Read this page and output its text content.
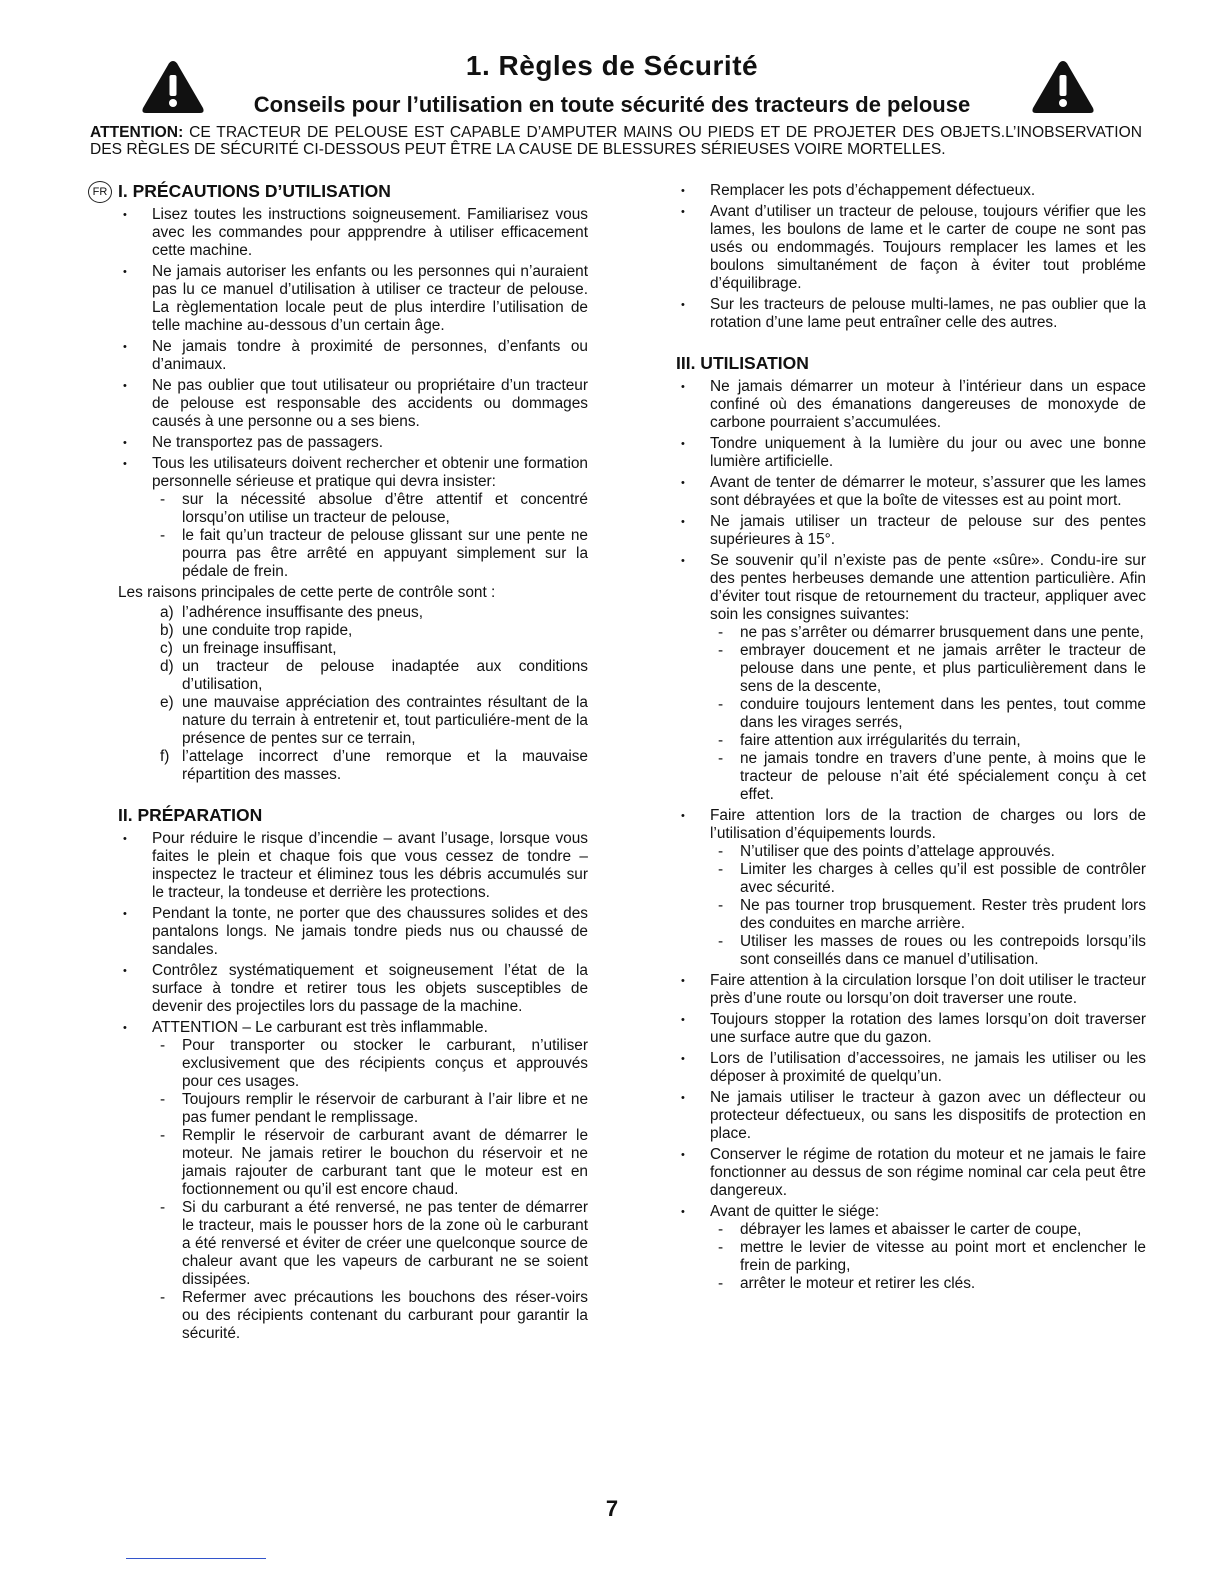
1. Règles de Sécurité
Conseils pour l’utilisation en toute sécurité des tracteurs de pelouse

ATTENTION: CE TRACTEUR DE PELOUSE EST CAPABLE D’AMPUTER MAINS OU PIEDS ET DE PROJETER DES OBJETS.L’INOBSERVATION DES RÈGLES DE SÉCURITÉ CI-DESSOUS PEUT ÊTRE LA CAUSE DE BLESSURES SÉRIEUSES VOIRE MORTELLES.

FR I. PRÉCAUTIONS D’UTILISATION
• Lisez toutes les instructions soigneusement. Familiarisez vous avec les commandes pour appprendre à utiliser efficacement cette machine.
• Ne jamais autoriser les enfants ou les personnes qui n’auraient pas lu ce manuel d’utilisation à utiliser ce tracteur de pelouse. La règlementation locale peut de plus interdire l’utilisation de telle machine au-dessous d’un certain âge.
• Ne jamais tondre à proximité de personnes, d’enfants ou d’animaux.
• Ne pas oublier que tout utilisateur ou propriétaire d’un tracteur de pelouse est responsable des accidents ou dommages causés à une personne ou a ses biens.
• Ne transportez pas de passagers.
• Tous les utilisateurs doivent rechercher et obtenir une formation personnelle sérieuse et pratique qui devra insister:
- sur la nécessité absolue d’être attentif et concentré lorsqu’on utilise un tracteur de pelouse,
- le fait qu’un tracteur de pelouse glissant sur une pente ne pourra pas être arrêté en appuyant simplement sur la pédale de frein.

Les raisons principales de cette perte de contrôle sont :

a) l’adhérence insuffisante des pneus,
b) une conduite trop rapide,
c) un freinage insuffisant,
d) un tracteur de pelouse inadaptée aux conditions d’utilisation,
e) une mauvaise appréciation des contraintes résultant de la nature du terrain à entretenir et, tout particuliére-ment de la présence de pentes sur ce terrain,
f) l’attelage incorrect d’une remorque et la mauvaise répartition des masses.
II. PRÉPARATION
• Pour réduire le risque d’incendie – avant l’usage, lorsque vous faites le plein et chaque fois que vous cessez de tondre – inspectez le tracteur et éliminez tous les débris accumulés sur le tracteur, la tondeuse et derrière les protections.
• Pendant la tonte, ne porter que des chaussures solides et des pantalons longs. Ne jamais tondre pieds nus ou chaussé de sandales.
• Contrôlez systématiquement et soigneusement l’état de la surface à tondre et retirer tous les objets susceptibles de devenir des projectiles lors du passage de la machine.
• ATTENTION – Le carburant est très inflammable.
- Pour transporter ou stocker le carburant, n’utiliser exclusivement que des récipients conçus et approuvés pour ces usages.
- Toujours remplir le réservoir de carburant à l’air libre et ne pas fumer pendant le remplissage.
- Remplir le réservoir de carburant avant de démarrer le moteur. Ne jamais retirer le bouchon du réservoir et ne jamais rajouter de carburant tant que le moteur est en foctionnement ou qu’il est encore chaud.
- Si du carburant a été renversé, ne pas tenter de démarrer le tracteur, mais le pousser hors de la zone où le carburant a été renversé et éviter de créer une quelconque source de chaleur avant que les vapeurs de carburant ne se soient dissipées.
- Refermer avec précautions les bouchons des réser-voirs ou des récipients contenant du carburant pour garantir la sécurité.
• Remplacer les pots d’échappement défectueux.
• Avant d’utiliser un tracteur de pelouse, toujours vérifier que les lames, les boulons de lame et le carter de coupe ne sont pas usés ou endommagés. Toujours remplacer les lames et les boulons simultanément de façon à éviter tout probléme d’équilibrage.
• Sur les tracteurs de pelouse multi-lames, ne pas oublier que la rotation d’une lame peut entraîner celle des autres.
III. UTILISATION
• Ne jamais démarrer un moteur à l’intérieur dans un espace confiné où des émanations dangereuses de monoxyde de carbone pourraient s’accumulées.
• Tondre uniquement à la lumière du jour ou avec une bonne lumière artificielle.
• Avant de tenter de démarrer le moteur, s’assurer que les lames sont débrayées et que la boîte de vitesses est au point mort.
• Ne jamais utiliser un tracteur de pelouse sur des pentes supérieures à 15°.
• Se souvenir qu’il n’existe pas de pente «sûre». Condu-ire sur des pentes herbeuses demande une attention particulière. Afin d’éviter tout risque de retournement du tracteur, appliquer avec soin les consignes suivantes:
- ne pas s’arrêter ou démarrer brusquement dans une pente,
- embrayer doucement et ne jamais arrêter le tracteur de pelouse dans une pente, et plus particulièrement dans le sens de la descente,
- conduire toujours lentement dans les pentes, tout comme dans les virages serrés,
- faire attention aux irrégularités du terrain,
- ne jamais tondre en travers d’une pente, à moins que le tracteur de pelouse n’ait été spécialement conçu à cet effet.
• Faire attention lors de la traction de charges ou lors de l’utilisation d’équipements lourds.
- N’utiliser que des points d’attelage approuvés.
- Limiter les charges à celles qu’il est possible de contrôler avec sécurité.
- Ne pas tourner trop brusquement. Rester très prudent lors des conduites en marche arrière.
- Utiliser les masses de roues ou les contrepoids lorsqu’ils sont conseillés dans ce manuel d’utilisation.
• Faire attention à la circulation lorsque l’on doit utiliser le tracteur près d’une route ou lorsqu’on doit traverser une route.
• Toujours stopper la rotation des lames lorsqu’on doit traverser une surface autre que du gazon.
• Lors de l’utilisation d’accessoires, ne jamais les utiliser ou les déposer à proximité de quelqu’un.
• Ne jamais utiliser le tracteur à gazon avec un déflecteur ou protecteur défectueux, ou sans les dispositifs de protection en place.
• Conserver le régime de rotation du moteur et ne jamais le faire fonctionner au dessus de son régime nominal car cela peut être dangereux.
• Avant de quitter le siége:
- débrayer les lames et abaisser le carter de coupe,
- mettre le levier de vitesse au point mort et enclencher le frein de parking,
- arrêter le moteur et retirer les clés.
7
